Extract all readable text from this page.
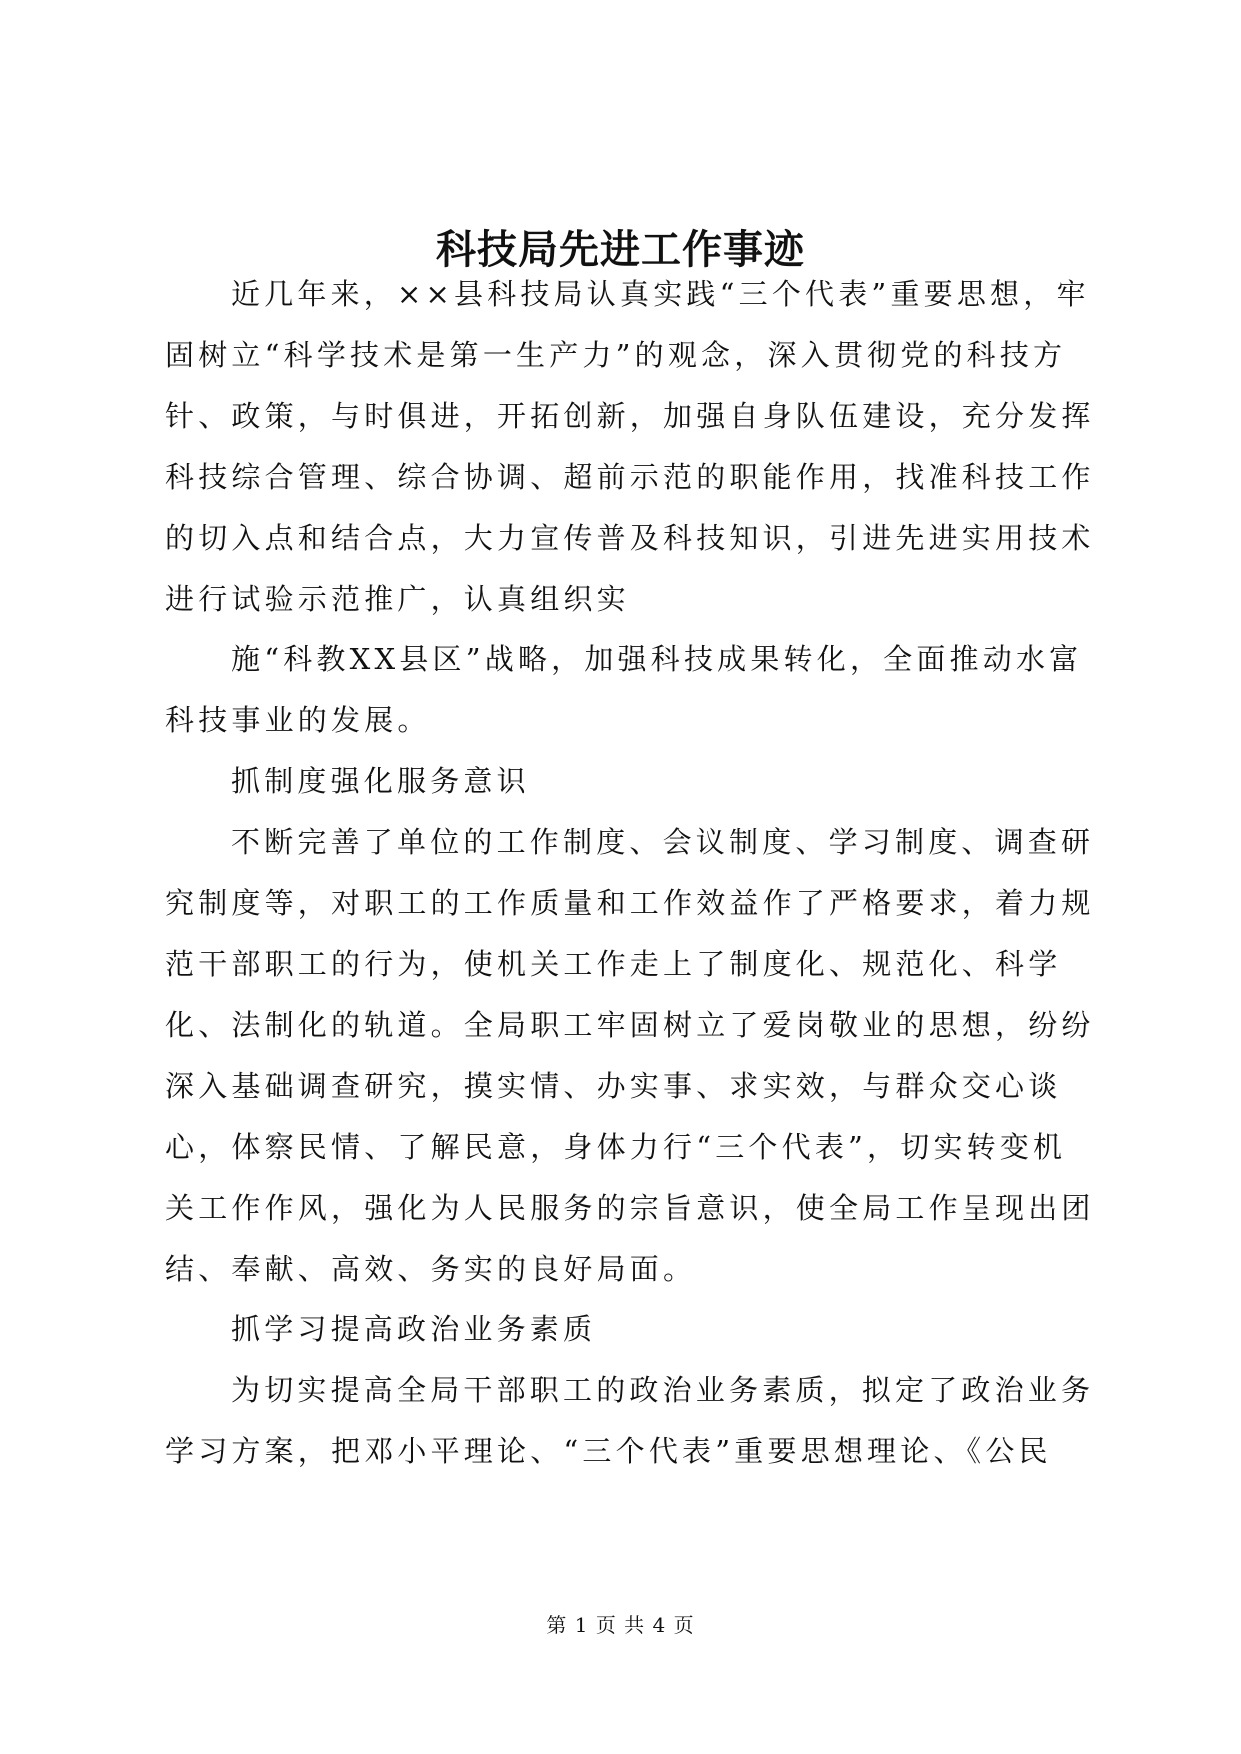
科技局先进工作事迹

近几年来，××县科技局认真实践“三个代表”重要思想，牢固树立“科学技术是第一生产力”的观念，深入贯彻党的科技方针、政策，与时俱进，开拓创新，加强自身队伍建设，充分发挥科技综合管理、综合协调、超前示范的职能作用，找准科技工作的切入点和结合点，大力宣传普及科技知识，引进先进实用技术进行试验示范推广，认真组织实

施“科教XX县区”战略，加强科技成果转化，全面推动水富科技事业的发展。

抓制度强化服务意识

不断完善了单位的工作制度、会议制度、学习制度、调查研究制度等，对职工的工作质量和工作效益作了严格要求，着力规范干部职工的行为，使机关工作走上了制度化、规范化、科学化、法制化的轨道。全局职工牢固树立了爱岗敬业的思想，纷纷深入基础调查研究，摸实情、办实事、求实效，与群众交心谈心，体察民情、了解民意，身体力行“三个代表”，切实转变机关工作作风，强化为人民服务的宗旨意识，使全局工作呈现出团结、奉献、高效、务实的良好局面。

抓学习提高政治业务素质

为切实提高全局干部职工的政治业务素质，拟定了政治业务学习方案，把邓小平理论、“三个代表”重要思想理论、《公民

第 1 页 共 4 页
